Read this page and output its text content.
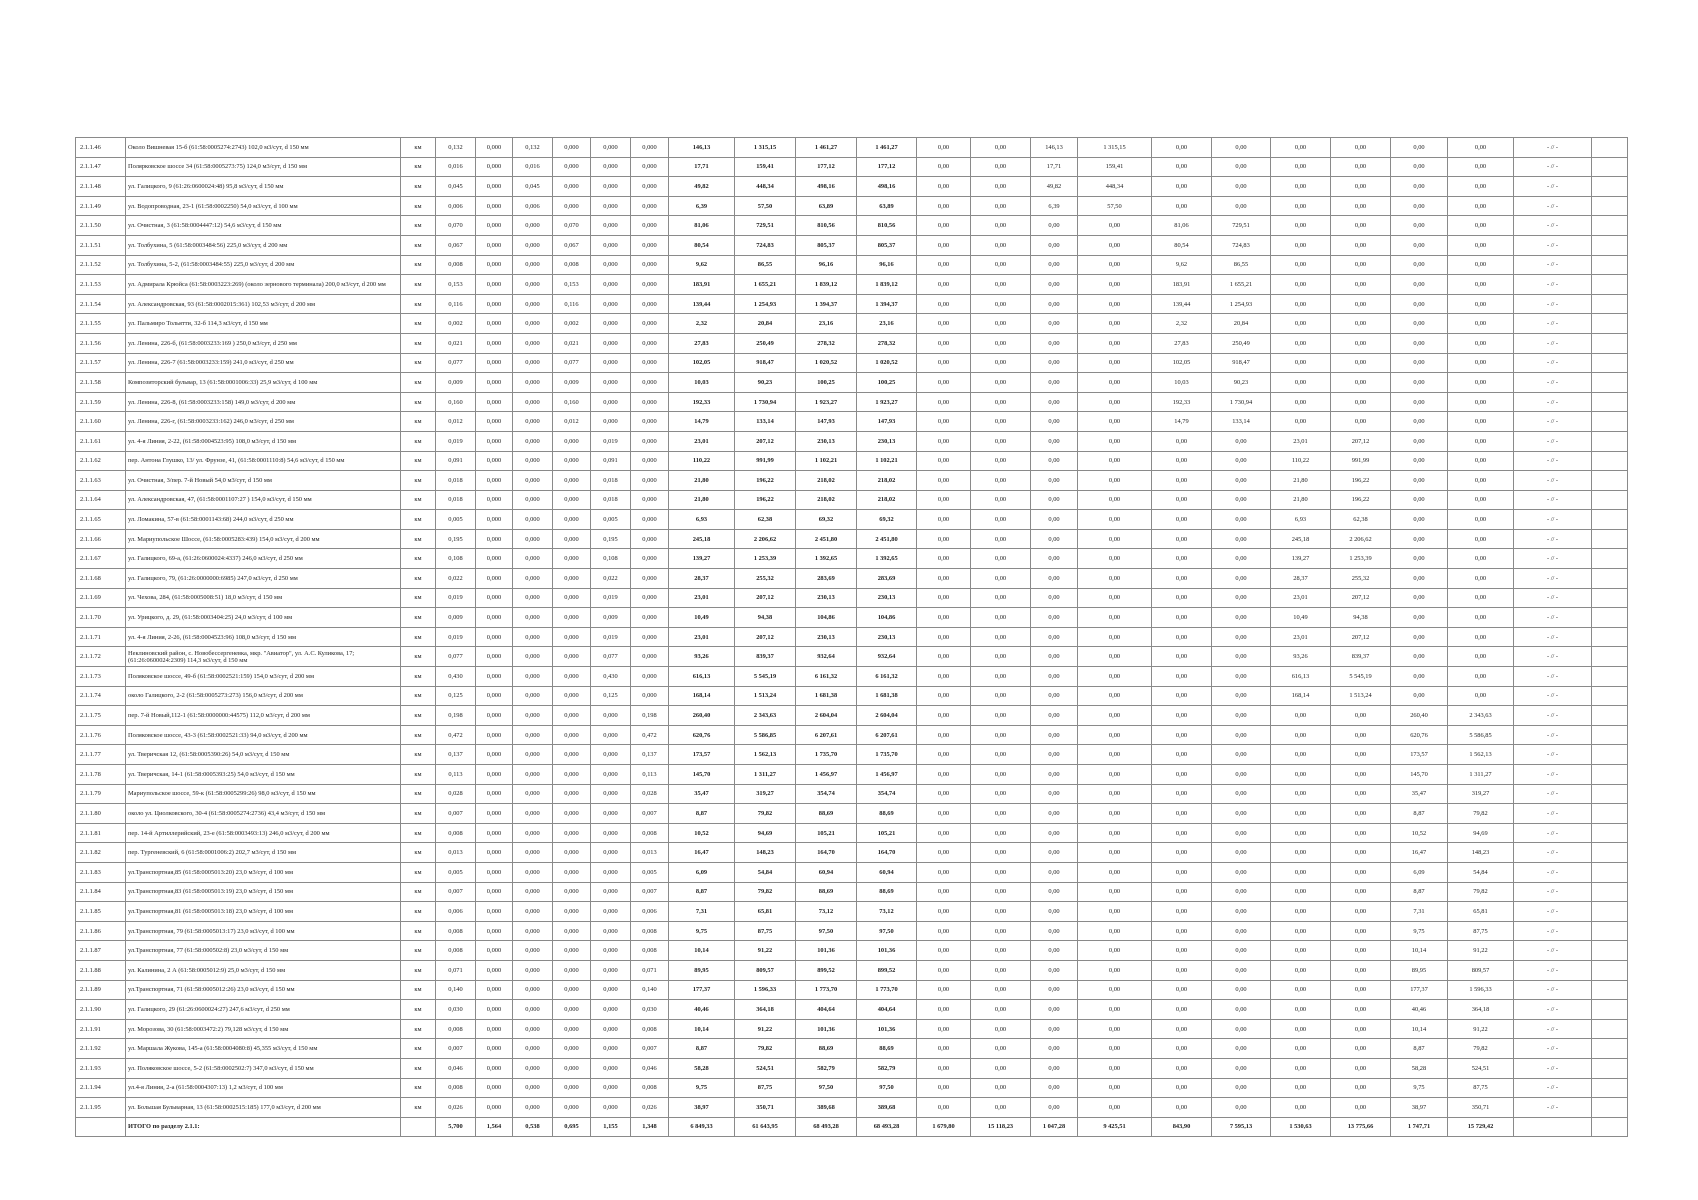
2.1.1.46	Около Вишневая 15-б (61:58:0005274:2743) 102,0 м3/сут, d 150 мм	км	0,132	0,000	0,132	0,000	0,000	0,000	146,13	1 315,15	1 461,27	1 461,27	0,00	0,00	146,13	1 315,15	0,00	0,00	0,00	0,00	0,00	0,00	- // -	
2.1.1.47	Полярковское шоссе 34 (61:58:0005273:75) 124,0 м3/сут, d 150 мм	км	0,016	0,000	0,016	0,000	0,000	0,000	17,71	159,41	177,12	177,12	0,00	0,00	17,71	159,41	0,00	0,00	0,00	0,00	0,00	0,00	- // -	
2.1.1.48	ул. Галицкого, 9 (61:26:0600024:48) 95,8 м3/сут, d 150 мм	км	0,045	0,000	0,045	0,000	0,000	0,000	49,82	448,34	498,16	498,16	0,00	0,00	49,82	448,34	0,00	0,00	0,00	0,00	0,00	0,00	- // -	
2.1.1.49	ул. Водопроводная, 23-1 (61:58:0002250) 54,0 м3/сут, d 100 мм	км	0,006	0,000	0,006	0,000	0,000	0,000	6,39	57,50	63,89	63,89	0,00	0,00	6,39	57,50	0,00	0,00	0,00	0,00	0,00	0,00	- // -	
2.1.1.50	ул. Очистная, 3 (61:58:0004447:12) 54,6 м3/сут, d 150 мм	км	0,070	0,000	0,000	0,070	0,000	0,000	81,06	729,51	810,56	810,56	0,00	0,00	0,00	0,00	81,06	729,51	0,00	0,00	0,00	0,00	- // -	
2.1.1.51	ул. Толбухина, 5 (61:58:0003484:56) 225,0 м3/сут, d 200 мм	км	0,067	0,000	0,000	0,067	0,000	0,000	80,54	724,83	805,37	805,37	0,00	0,00	0,00	0,00	80,54	724,83	0,00	0,00	0,00	0,00	- // -	
2.1.1.52	ул. Толбухина, 5-2, (61:58:0003484:55) 225,0 м3/сут, d 200 мм	км	0,008	0,000	0,000	0,008	0,000	0,000	9,62	86,55	96,16	96,16	0,00	0,00	0,00	0,00	9,62	86,55	0,00	0,00	0,00	0,00	- // -	
2.1.1.53	ул. Адмирала Крюйса (61:58:0003223:269) (около зернового терминала) 200,0 м3/сут, d 200 мм	км	0,153	0,000	0,000	0,153	0,000	0,000	183,91	1 655,21	1 839,12	1 839,12	0,00	0,00	0,00	0,00	183,91	1 655,21	0,00	0,00	0,00	0,00	- // -	
2.1.1.54	ул. Александровская, 93 (61:58:0002015:361) 102,53 м3/сут, d 200 мм	км	0,116	0,000	0,000	0,116	0,000	0,000	139,44	1 254,93	1 394,37	1 394,37	0,00	0,00	0,00	0,00	139,44	1 254,93	0,00	0,00	0,00	0,00	- // -	
2.1.1.55	ул. Пальмиро Тольятти, 32-б 114,3 м3/сут, d 150 мм	км	0,002	0,000	0,000	0,002	0,000	0,000	2,32	20,84	23,16	23,16	0,00	0,00	0,00	0,00	2,32	20,84	0,00	0,00	0,00	0,00	- // -	
2.1.1.56	ул. Ленина, 226-б, (61:58:0003233:169 ) 250,0 м3/сут, d 250 мм	км	0,021	0,000	0,000	0,021	0,000	0,000	27,83	250,49	278,32	278,32	0,00	0,00	0,00	0,00	27,83	250,49	0,00	0,00	0,00	0,00	- // -	
2.1.1.57	ул. Ленина, 226-7 (61:58:0003233:159) 241,0 м3/сут, d 250 мм	км	0,077	0,000	0,000	0,077	0,000	0,000	102,05	918,47	1 020,52	1 020,52	0,00	0,00	0,00	0,00	102,05	918,47	0,00	0,00	0,00	0,00	- // -	
2.1.1.58	Композиторский бульвар, 13 (61:58:0001006:33) 25,9 м3/сут, d 100 мм	км	0,009	0,000	0,000	0,009	0,000	0,000	10,03	90,23	100,25	100,25	0,00	0,00	0,00	0,00	10,03	90,23	0,00	0,00	0,00	0,00	- // -	
2.1.1.59	ул. Ленина, 226-8, (61:58:0003233:158) 149,0 м3/сут, d 200 мм	км	0,160	0,000	0,000	0,160	0,000	0,000	192,33	1 730,94	1 923,27	1 923,27	0,00	0,00	0,00	0,00	192,33	1 730,94	0,00	0,00	0,00	0,00	- // -	
2.1.1.60	ул. Ленина, 226-г, (61:58:0003233:162) 246,0 м3/сут, d 250 мм	км	0,012	0,000	0,000	0,012	0,000	0,000	14,79	133,14	147,93	147,93	0,00	0,00	0,00	0,00	14,79	133,14	0,00	0,00	0,00	0,00	- // -	
2.1.1.61	ул. 4-я Линия, 2-22, (61:58:0004523:95) 108,0 м3/сут, d 150 мм	км	0,019	0,000	0,000	0,000	0,019	0,000	23,01	207,12	230,13	230,13	0,00	0,00	0,00	0,00	0,00	0,00	23,01	207,12	0,00	0,00	- // -	
2.1.1.62	пер. Антона Глушко, 13/ ул. Фрунзе, 41, (61:58:0001110:8) 54,6 м3/сут, d 150 мм	км	0,091	0,000	0,000	0,000	0,091	0,000	110,22	991,99	1 102,21	1 102,21	0,00	0,00	0,00	0,00	0,00	0,00	110,22	991,99	0,00	0,00	- // -	
2.1.1.63	ул. Очистная, 3/пер. 7-й Новый 54,0 м3/сут, d 150 мм	км	0,018	0,000	0,000	0,000	0,018	0,000	21,80	196,22	218,02	218,02	0,00	0,00	0,00	0,00	0,00	0,00	21,80	196,22	0,00	0,00	- // -	
2.1.1.64	ул. Александровская, 47, (61:58:0001107:27 ) 154,0 м3/сут, d 150 мм	км	0,018	0,000	0,000	0,000	0,018	0,000	21,80	196,22	218,02	218,02	0,00	0,00	0,00	0,00	0,00	0,00	21,80	196,22	0,00	0,00	- // -	
2.1.1.65	ул. Ломакина, 57-в (61:58:0001143:68) 244,0 м3/сут, d 250 мм	км	0,005	0,000	0,000	0,000	0,005	0,000	6,93	62,38	69,32	69,32	0,00	0,00	0,00	0,00	0,00	0,00	6,93	62,38	0,00	0,00	- // -	
2.1.1.66	ул. Мариупольское Шоссе, (61:58:0005283:439) 154,0 м3/сут, d 200 мм	км	0,195	0,000	0,000	0,000	0,195	0,000	245,18	2 206,62	2 451,80	2 451,80	0,00	0,00	0,00	0,00	0,00	0,00	245,18	2 206,62	0,00	0,00	- // -	
2.1.1.67	ул. Галицкого, 69-а, (61:26:0600024:4337) 246,0 м3/сут, d 250 мм	км	0,108	0,000	0,000	0,000	0,108	0,000	139,27	1 253,39	1 392,65	1 392,65	0,00	0,00	0,00	0,00	0,00	0,00	139,27	1 253,39	0,00	0,00	- // -	
2.1.1.68	ул. Галицкого, 79, (61:26:0000000:6985) 247,0 м3/сут, d 250 мм	км	0,022	0,000	0,000	0,000	0,022	0,000	28,37	255,32	283,69	283,69	0,00	0,00	0,00	0,00	0,00	0,00	28,37	255,32	0,00	0,00	- // -	
2.1.1.69	ул. Чехова, 284, (61:58:0005008:51) 18,0 м3/сут, d 150 мм	км	0,019	0,000	0,000	0,000	0,019	0,000	23,01	207,12	230,13	230,13	0,00	0,00	0,00	0,00	0,00	0,00	23,01	207,12	0,00	0,00	- // -	
2.1.1.70	ул. Урицкого, д. 29, (61:58:0003404:25) 24,0 м3/сут, d 100 мм	км	0,009	0,000	0,000	0,000	0,009	0,000	10,49	94,38	104,86	104,86	0,00	0,00	0,00	0,00	0,00	0,00	10,49	94,38	0,00	0,00	- // -	
2.1.1.71	ул. 4-я Линия, 2-26, (61:58:0004523:96) 108,0 м3/сут, d 150 мм	км	0,019	0,000	0,000	0,000	0,019	0,000	23,01	207,12	230,13	230,13	0,00	0,00	0,00	0,00	0,00	0,00	23,01	207,12	0,00	0,00	- // -	
2.1.1.72	Неклиновский район, с. Новобессергеневка, мкр. "Авиатор", ул. А.С. Куликова, 17; (61:26:0600024:2309) 114,3 м3/сут, d 150 мм	км	0,077	0,000	0,000	0,000	0,077	0,000	93,26	839,37	932,64	932,64	0,00	0,00	0,00	0,00	0,00	0,00	93,26	839,37	0,00	0,00	- // -	
2.1.1.73	Поляковское шоссе, 49-б (61:58:0002521:159) 154,0 м3/сут, d 200 мм	км	0,430	0,000	0,000	0,000	0,430	0,000	616,13	5 545,19	6 161,32	6 161,32	0,00	0,00	0,00	0,00	0,00	0,00	616,13	5 545,19	0,00	0,00	- // -	
2.1.1.74	около Галицкого, 2-2 (61:58:0005273:273) 156,0 м3/сут, d 200 мм	км	0,125	0,000	0,000	0,000	0,125	0,000	168,14	1 513,24	1 681,38	1 681,38	0,00	0,00	0,00	0,00	0,00	0,00	168,14	1 513,24	0,00	0,00	- // -	
2.1.1.75	пер. 7-й Новый,112-1 (61:58:0000000:44575) 112,0 м3/сут, d 200 мм	км	0,198	0,000	0,000	0,000	0,000	0,198	260,40	2 343,63	2 604,04	2 604,04	0,00	0,00	0,00	0,00	0,00	0,00	0,00	0,00	260,40	2 343,63	- // -	
2.1.1.76	Поляковское шоссе, 43-3 (61:58:0002521:33) 94,0 м3/сут, d 200 мм	км	0,472	0,000	0,000	0,000	0,000	0,472	620,76	5 586,85	6 207,61	6 207,61	0,00	0,00	0,00	0,00	0,00	0,00	0,00	0,00	620,76	5 586,85	- // -	
2.1.1.77	ул. Тверичская 12, (61:58:0005390:26) 54,0 м3/сут, d 150 мм	км	0,137	0,000	0,000	0,000	0,000	0,137	173,57	1 562,13	1 735,70	1 735,70	0,00	0,00	0,00	0,00	0,00	0,00	0,00	0,00	173,57	1 562,13	- // -	
2.1.1.78	ул. Тверичская, 14-1 (61:58:0005393:25) 54,0 м3/сут, d 150 мм	км	0,113	0,000	0,000	0,000	0,000	0,113	145,70	1 311,27	1 456,97	1 456,97	0,00	0,00	0,00	0,00	0,00	0,00	0,00	0,00	145,70	1 311,27	- // -	
2.1.1.79	Мариупольское шоссе, 59-к (61:58:0005299:26) 98,0 м3/сут, d 150 мм	км	0,028	0,000	0,000	0,000	0,000	0,028	35,47	319,27	354,74	354,74	0,00	0,00	0,00	0,00	0,00	0,00	0,00	0,00	35,47	319,27	- // -	
2.1.1.80	около ул. Циолковского, 30-4 (61:58:0005274:2736) 43,4 м3/сут, d 150 мм	км	0,007	0,000	0,000	0,000	0,000	0,007	8,87	79,82	88,69	88,69	0,00	0,00	0,00	0,00	0,00	0,00	0,00	0,00	8,87	79,82	- // -	
2.1.1.81	пер. 14-й Артиллерийский, 23-е (61:58:0003493:13) 246,0 м3/сут, d 200 мм	км	0,008	0,000	0,000	0,000	0,000	0,008	10,52	94,69	105,21	105,21	0,00	0,00	0,00	0,00	0,00	0,00	0,00	0,00	10,52	94,69	- // -	
2.1.1.82	пер. Тургеневский, 6 (61:58:0001006:2) 202,7 м3/сут, d 150 мм	км	0,013	0,000	0,000	0,000	0,000	0,013	16,47	148,23	164,70	164,70	0,00	0,00	0,00	0,00	0,00	0,00	0,00	0,00	16,47	148,23	- // -	
2.1.1.83	ул.Транспортная,85 (61:58:0005013:20) 23,0 м3/сут, d 100 мм	км	0,005	0,000	0,000	0,000	0,000	0,005	6,09	54,84	60,94	60,94	0,00	0,00	0,00	0,00	0,00	0,00	0,00	0,00	6,09	54,84	- // -	
2.1.1.84	ул.Транспортная,83 (61:58:0005013:19) 23,0 м3/сут, d 150 мм	км	0,007	0,000	0,000	0,000	0,000	0,007	8,87	79,82	88,69	88,69	0,00	0,00	0,00	0,00	0,00	0,00	0,00	0,00	8,87	79,82	- // -	
2.1.1.85	ул.Транспортная,81 (61:58:0005013:18) 23,0 м3/сут, d 100 мм	км	0,006	0,000	0,000	0,000	0,000	0,006	7,31	65,81	73,12	73,12	0,00	0,00	0,00	0,00	0,00	0,00	0,00	0,00	7,31	65,81	- // -	
2.1.1.86	ул.Транспортная, 79 (61:58:0005013:17) 23,0 м3/сут, d 100 мм	км	0,008	0,000	0,000	0,000	0,000	0,008	9,75	87,75	97,50	97,50	0,00	0,00	0,00	0,00	0,00	0,00	0,00	0,00	9,75	87,75	- // -	
2.1.1.87	ул.Транспортная, 77 (61:58:000502:8) 23,0 м3/сут, d 150 мм	км	0,008	0,000	0,000	0,000	0,000	0,008	10,14	91,22	101,36	101,36	0,00	0,00	0,00	0,00	0,00	0,00	0,00	0,00	10,14	91,22	- // -	
2.1.1.88	ул. Калинина, 2 А (61:58:0005012:9) 25,0 м3/сут, d 150 мм	км	0,071	0,000	0,000	0,000	0,000	0,071	89,95	809,57	899,52	899,52	0,00	0,00	0,00	0,00	0,00	0,00	0,00	0,00	89,95	809,57	- // -	
2.1.1.89	ул.Транспортная, 71 (61:58:0005012:26) 23,0 м3/сут, d 150 мм	км	0,140	0,000	0,000	0,000	0,000	0,140	177,37	1 596,33	1 773,70	1 773,70	0,00	0,00	0,00	0,00	0,00	0,00	0,00	0,00	177,37	1 596,33	- // -	
2.1.1.90	ул. Галицкого, 29 (61:26:0600024:27) 247,6 м3/сут, d 250 мм	км	0,030	0,000	0,000	0,000	0,000	0,030	40,46	364,18	404,64	404,64	0,00	0,00	0,00	0,00	0,00	0,00	0,00	0,00	40,46	364,18	- // -	
2.1.1.91	ул. Морозова, 30 (61:58:0003472:2) 79,128 м3/сут, d 150 мм	км	0,008	0,000	0,000	0,000	0,000	0,008	10,14	91,22	101,36	101,36	0,00	0,00	0,00	0,00	0,00	0,00	0,00	0,00	10,14	91,22	- // -	
2.1.1.92	ул. Маршала Жукова, 145-а (61:58:0004080:8) 45,355 м3/сут, d 150 мм	км	0,007	0,000	0,000	0,000	0,000	0,007	8,87	79,82	88,69	88,69	0,00	0,00	0,00	0,00	0,00	0,00	0,00	0,00	8,87	79,82	- // -	
2.1.1.93	ул. Поляковское шоссе, 5-2 (61:58:0002502:7) 347,0 м3/сут, d 150 мм	км	0,046	0,000	0,000	0,000	0,000	0,046	58,28	524,51	582,79	582,79	0,00	0,00	0,00	0,00	0,00	0,00	0,00	0,00	58,28	524,51	- // -	
2.1.1.94	ул.4-я Линия, 2-а (61:58:0004307:13) 1,2 м3/сут, d 100 мм	км	0,008	0,000	0,000	0,000	0,000	0,008	9,75	87,75	97,50	97,50	0,00	0,00	0,00	0,00	0,00	0,00	0,00	0,00	9,75	87,75	- // -	
2.1.1.95	ул. Большая Бульварная, 13 (61:58:0002515:185) 177,0 м3/сут, d 200 мм	км	0,026	0,000	0,000	0,000	0,000	0,026	38,97	350,71	389,68	389,68	0,00	0,00	0,00	0,00	0,00	0,00	0,00	0,00	38,97	350,71	- // -	
	ИТОГО по разделу 2.1.1:		5,700	1,564	0,538	0,695	1,155	1,348	6 849,33	61 643,95	68 493,28	68 493,28	1 679,80	15 118,23	1 047,28	9 425,51	843,90	7 595,13	1 530,63	13 775,66	1 747,71	15 729,42		
